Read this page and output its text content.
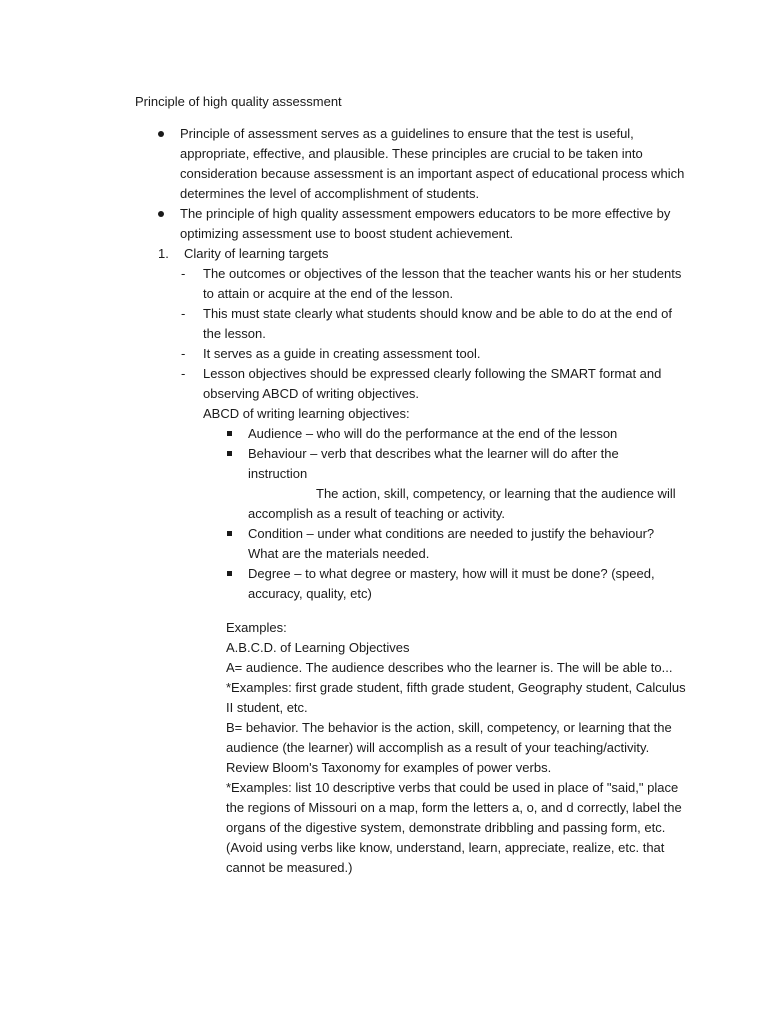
Principle of high quality assessment
Principle of assessment serves as a guidelines to ensure that the test is useful,
appropriate, effective, and plausible. These principles are crucial to be taken into
consideration because assessment is an important aspect of educational process which
determines the level of accomplishment of students.
The principle of high quality assessment empowers educators to be more effective by
optimizing assessment use to boost student achievement.
1. Clarity of learning targets
- The outcomes or objectives of the lesson that the teacher wants his or her students
to attain or acquire at the end of the lesson.
- This must state clearly what students should know and be able to do at the end of
the lesson.
- It serves as a guide in creating assessment tool.
- Lesson objectives should be expressed clearly following the SMART format and
observing ABCD of writing objectives.
ABCD of writing learning objectives:
Audience – who will do the performance at the end of the lesson
Behaviour – verb that describes what the learner will do after the
instruction
The action, skill, competency, or learning that the audience will
accomplish as a result of teaching or activity.
Condition – under what conditions are needed to justify the behaviour?
What are the materials needed.
Degree – to what degree or mastery, how will it must be done? (speed,
accuracy, quality, etc)
Examples:
A.B.C.D. of Learning Objectives
A= audience. The audience describes who the learner is. The will be able to...
*Examples: first grade student, fifth grade student, Geography student, Calculus
II student, etc.
B= behavior. The behavior is the action, skill, competency, or learning that the
audience (the learner) will accomplish as a result of your teaching/activity.
Review Bloom's Taxonomy for examples of power verbs.
*Examples: list 10 descriptive verbs that could be used in place of "said," place
the regions of Missouri on a map, form the letters a, o, and d correctly, label the
organs of the digestive system, demonstrate dribbling and passing form, etc.
(Avoid using verbs like know, understand, learn, appreciate, realize, etc. that
cannot be measured.)
